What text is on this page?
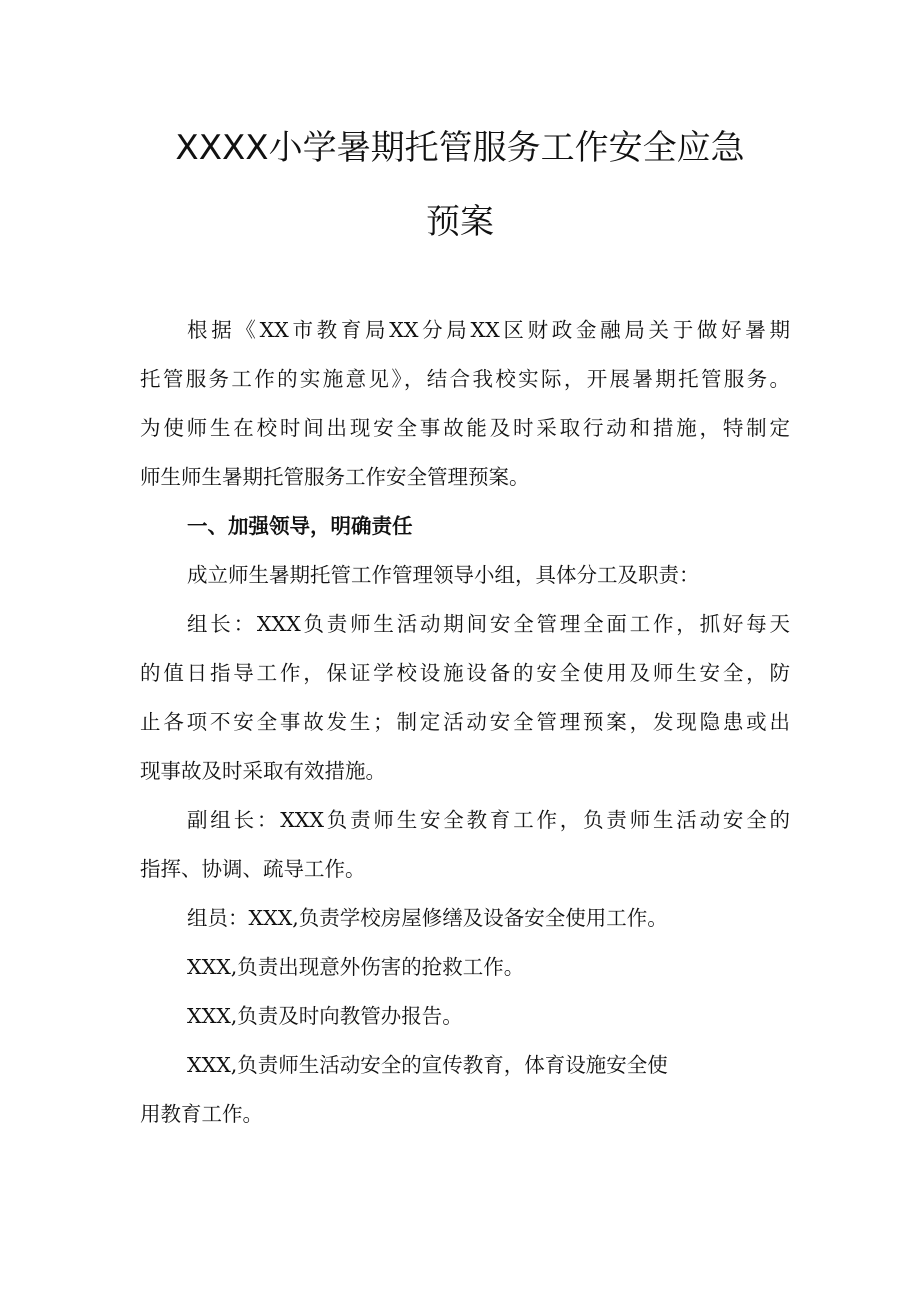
XXXX小学暑期托管服务工作安全应急
预案
根据《XX市教育局XX分局XX区财政金融局关于做好暑期
托管服务工作的实施意见》，结合我校实际，开展暑期托管服务。
为使师生在校时间出现安全事故能及时采取行动和措施，特制定
师生师生暑期托管服务工作安全管理预案。
一、加强领导，明确责任
成立师生暑期托管工作管理领导小组，具体分工及职责：
组长：XXX负责师生活动期间安全管理全面工作，抓好每天
的值日指导工作，保证学校设施设备的安全使用及师生安全，防
止各项不安全事故发生；制定活动安全管理预案，发现隐患或出
现事故及时采取有效措施。
副组长：XXX负责师生安全教育工作，负责师生活动安全的
指挥、协调、疏导工作。
组员：XXX,负责学校房屋修缮及设备安全使用工作。
XXX,负责出现意外伤害的抢救工作。
XXX,负责及时向教管办报告。
XXX,负责师生活动安全的宣传教育，体育设施安全使
用教育工作。
